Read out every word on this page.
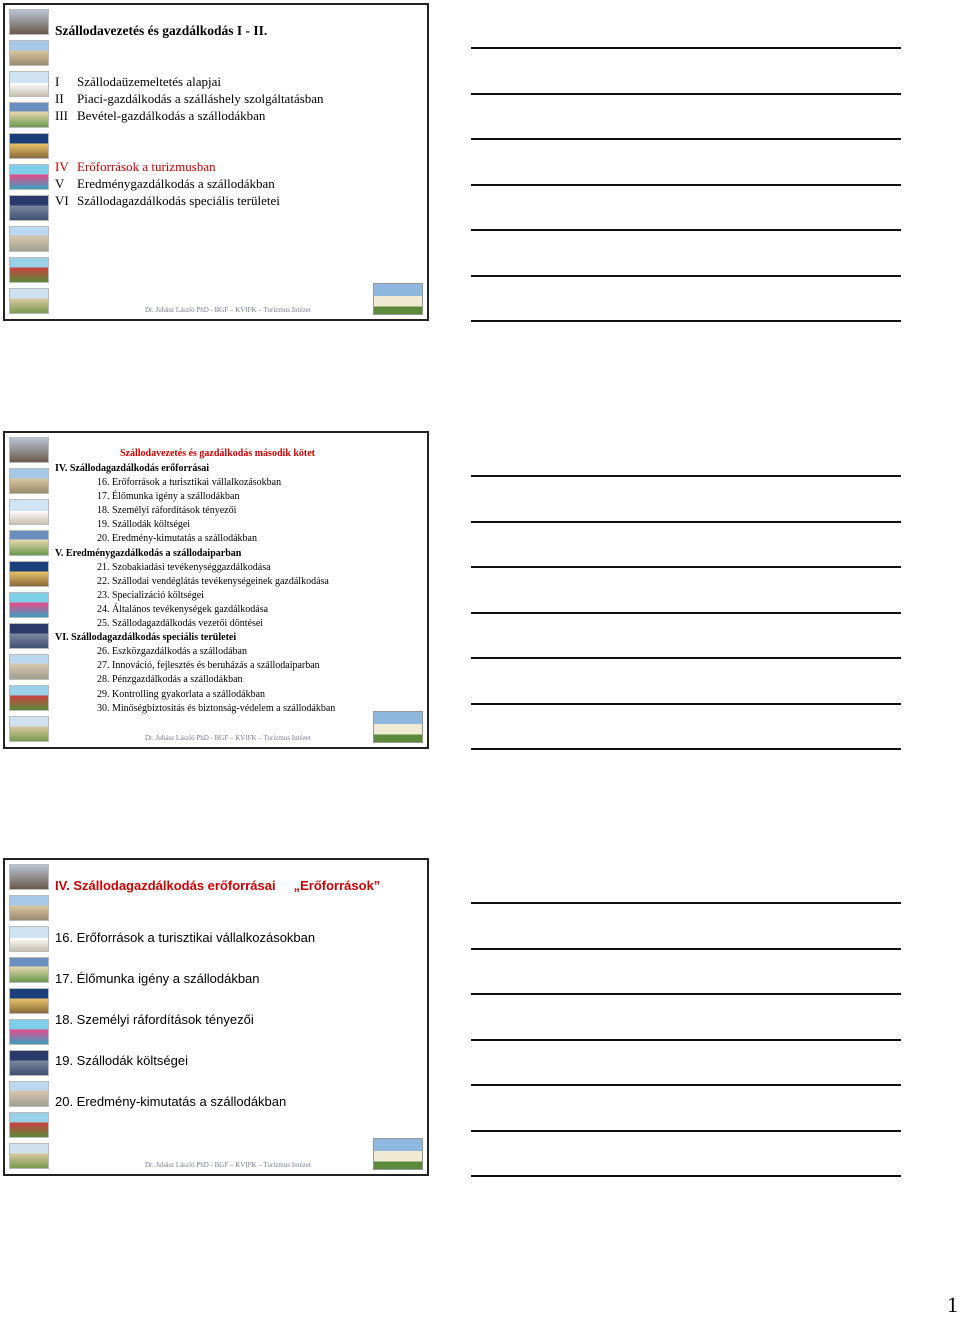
Szállodavezetés és gazdálkodás I - II.
I Szállodaüzemeltetés alapjai
II Piaci-gazdálkodás a szálláshely szolgáltatásban
III Bevétel-gazdálkodás a szállodákban
IV Erőforrások a turizmusban
V Eredménygazdálkodás a szállodákban
VI Szállodagazdálkodás speciális területei
Dr. Juhász László PhD - BGF – KVIFK – Turizmus Intézet
Szállodavezetés és gazdálkodás második kötet
IV. Szállodagazdálkodás erőforrásai
16. Erőforrások a turisztikai vállalkozásokban
17. Élőmunka igény a szállodákban
18. Személyi ráfordítások tényezői
19. Szállodák költségei
20. Eredmény-kimutatás a szállodákban
V. Eredménygazdálkodás a szállodaiparban
21. Szobakiadási tevékenységgazdálkodása
22. Szállodai vendéglátás tevékenységeinek gazdálkodása
23. Specializáció költségei
24. Általános tevékenységek gazdálkodása
25. Szállodagazdálkodás vezetői döntései
VI. Szállodagazdálkodás speciális területei
26. Eszközgazdálkodás a szállodában
27. Innováció, fejlesztés és beruházás a szállodaiparban
28. Pénzgazdálkodás a szállodákban
29. Kontrolling gyakorlata a szállodákban
30. Minőségbiztosítás és biztonság-védelem a szállodákban
Dr. Juhász László PhD - BGF – KVIFK – Turizmus Intézet
IV. Szállodagazdálkodás erőforrásai „Erőforrások”
16. Erőforrások a turisztikai vállalkozásokban
17. Élőmunka igény a szállodákban
18. Személyi ráfordítások tényezői
19. Szállodák költségei
20. Eredmény-kimutatás a szállodákban
Dr. Juhász László PhD - BGF – KVIFK – Turizmus Intézet
1
